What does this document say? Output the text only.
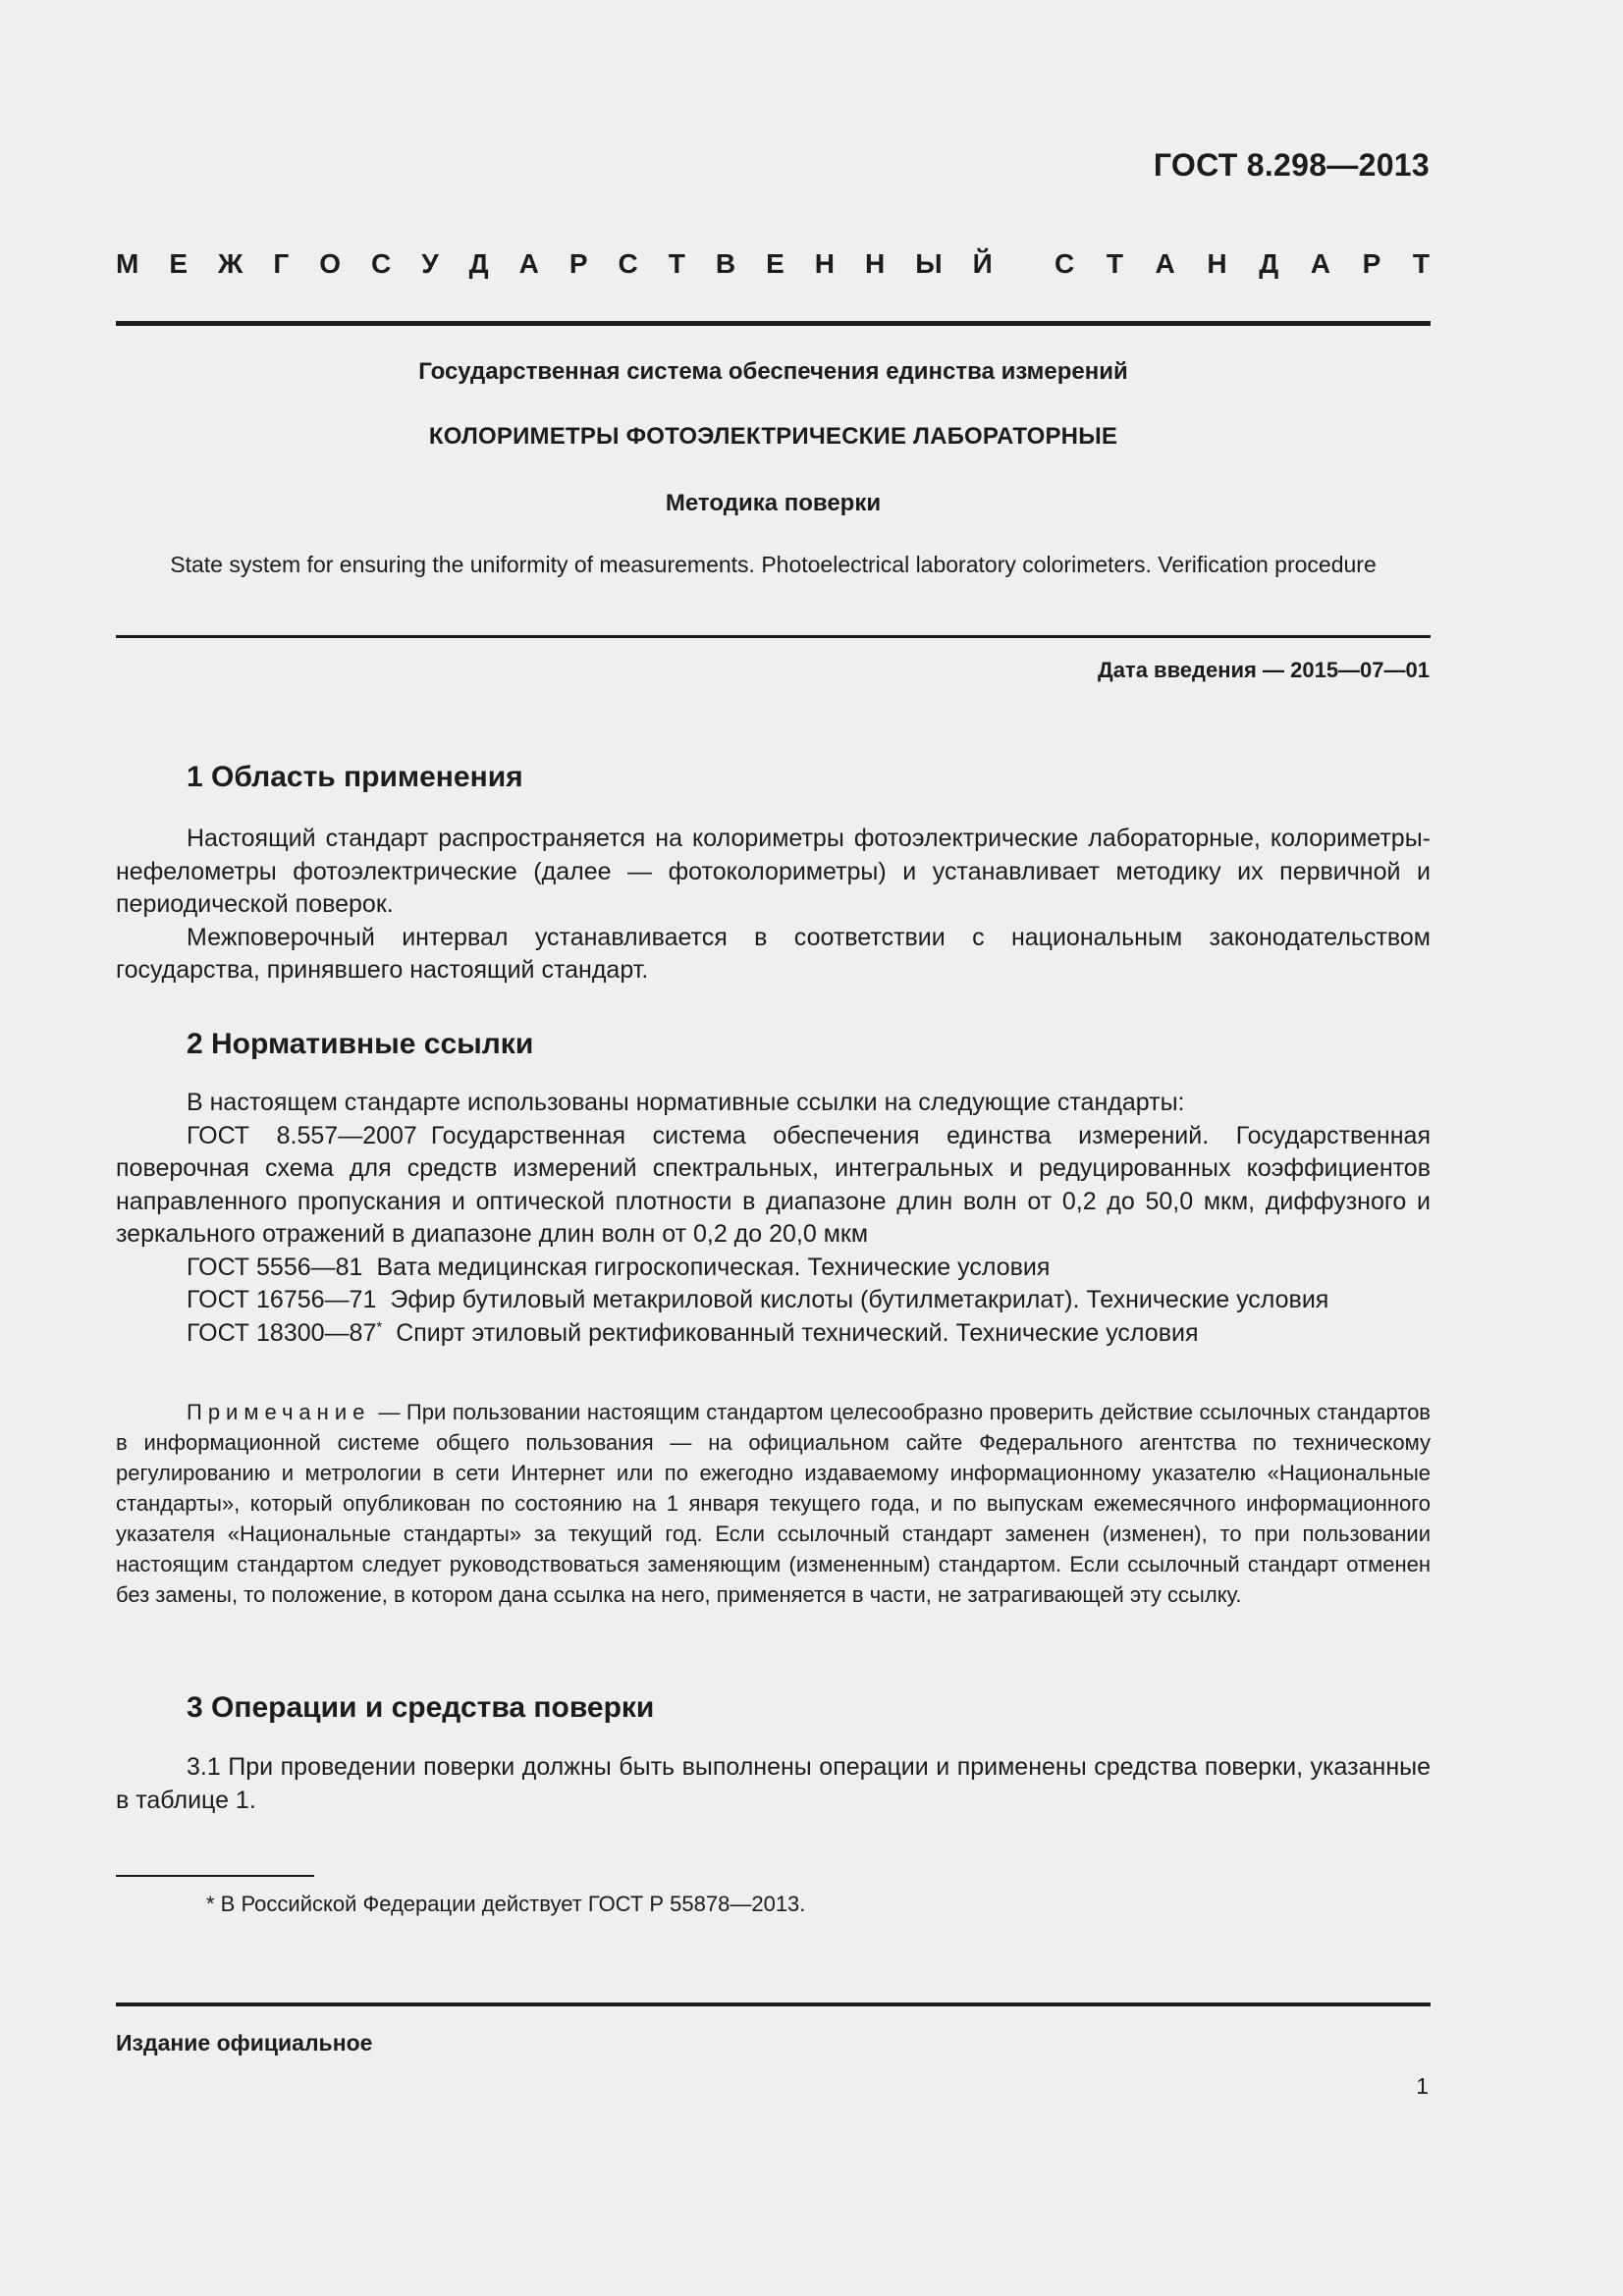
ГОСТ 8.298—2013
М Е Ж Г О С У Д А Р С Т В Е Н Н Ы Й С Т А Н Д А Р Т
Государственная система обеспечения единства измерений
КОЛОРИМЕТРЫ ФОТОЭЛЕКТРИЧЕСКИЕ ЛАБОРАТОРНЫЕ
Методика поверки
State system for ensuring the uniformity of measurements. Photoelectrical laboratory colorimeters. Verification procedure
Дата введения — 2015—07—01
1 Область применения

Настоящий стандарт распространяется на колориметры фотоэлектрические лабораторные, колориметры-нефелометры фотоэлектрические (далее — фотоколориметры) и устанавливает методику их первичной и периодической поверок.

Межповерочный интервал устанавливается в соответствии с национальным законодательством государства, принявшего настоящий стандарт.

2 Нормативные ссылки

В настоящем стандарте использованы нормативные ссылки на следующие стандарты:

ГОСТ 8.557—2007 Государственная система обеспечения единства измерений. Государственная поверочная схема для средств измерений спектральных, интегральных и редуцированных коэффициентов направленного пропускания и оптической плотности в диапазоне длин волн от 0,2 до 50,0 мкм, диффузного и зеркального отражений в диапазоне длин волн от 0,2 до 20,0 мкм

ГОСТ 5556—81 Вата медицинская гигроскопическая. Технические условия

ГОСТ 16756—71 Эфир бутиловый метакриловой кислоты (бутилметакрилат). Технические условия

ГОСТ 18300—87* Спирт этиловый ректификованный технический. Технические условия

Примечание — При пользовании настоящим стандартом целесообразно проверить действие ссылочных стандартов в информационной системе общего пользования — на официальном сайте Федерального агентства по техническому регулированию и метрологии в сети Интернет или по ежегодно издаваемому информационному указателю «Национальные стандарты», который опубликован по состоянию на 1 января текущего года, и по выпускам ежемесячного информационного указателя «Национальные стандарты» за текущий год. Если ссылочный стандарт заменен (изменен), то при пользовании настоящим стандартом следует руководствоваться заменяющим (измененным) стандартом. Если ссылочный стандарт отменен без замены, то положение, в котором дана ссылка на него, применяется в части, не затрагивающей эту ссылку.

3 Операции и средства поверки

3.1 При проведении поверки должны быть выполнены операции и применены средства поверки, указанные в таблице 1.

* В Российской Федерации действует ГОСТ Р 55878—2013.
Издание официальное
1
